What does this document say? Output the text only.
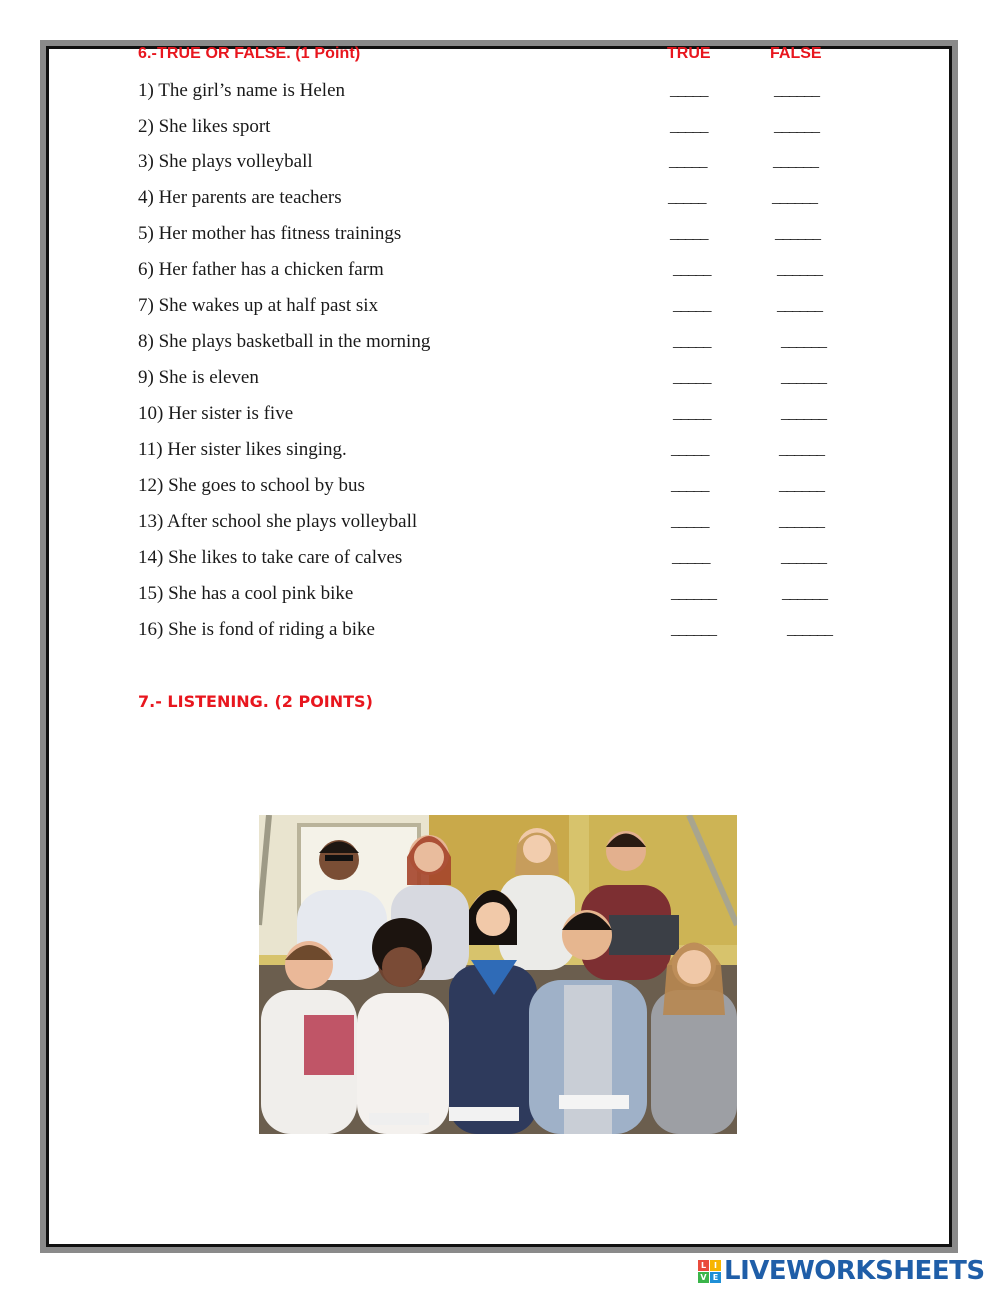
6.-TRUE OR FALSE. (1 Point)	TRUE	FALSE
1) The girl’s name is Helen	_____	______
2) She likes sport	_____	______
3) She plays volleyball	_____	______
4) Her parents are teachers	_____	______
5) Her mother has fitness trainings	_____	______
6) Her father has a chicken farm	_____	______
7) She wakes up at half past six	_____	______
8) She plays basketball in the morning	_____	______
9) She is eleven	_____	______
10) Her sister is five	_____	______
11) Her sister likes singing.	_____	______
12) She goes to school by bus	_____	______
13) After school she plays volleyball	_____	______
14) She likes to take care of calves	_____	______
15) She has a cool pink bike	______	______
16) She is fond of riding a bike	______	______
7.- LISTENING. (2 POINTS)
L I
V E LIVEWORKSHEETS
